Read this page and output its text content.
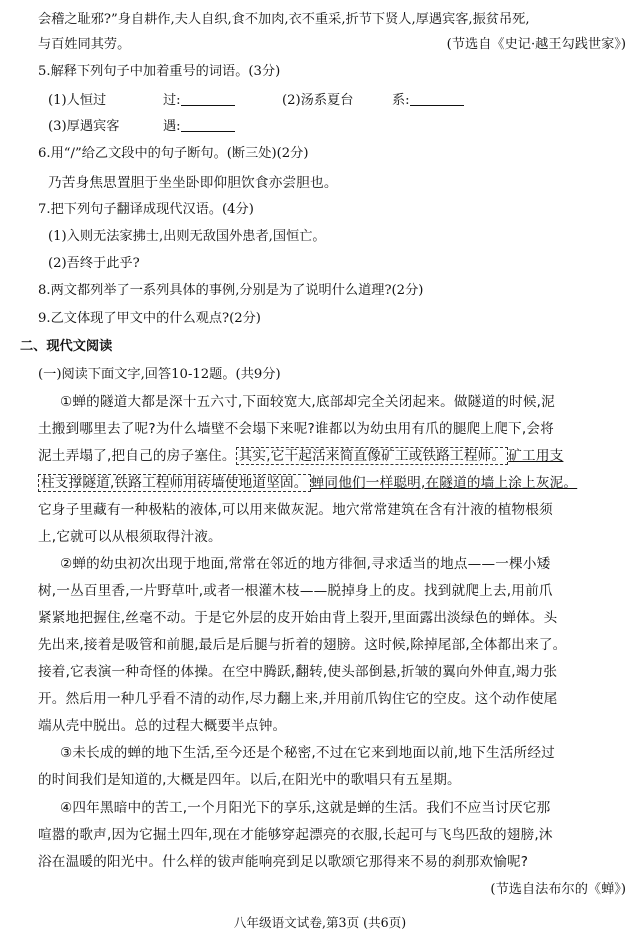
会稽之耻邪?”身自耕作,夫人自织,食不加肉,衣不重采,折节下贤人,厚遇宾客,振贫吊死,
与百姓同其劳。	(节选自《史记·越王勾践世家》)
5.解释下列句子中加着重号的词语。(3分)
(1)人恒过	过:	(2)汤系夏台	系:
(3)厚遇宾客	遇:
6.用“/”给乙文段中的句子断句。(断三处)(2分)
乃苦身焦思置胆于坐坐卧即仰胆饮食亦尝胆也。
7.把下列句子翻译成现代汉语。(4分)
(1)入则无法家拂士,出则无敌国外患者,国恒亡。
(2)吾终于此乎?
8.两文都列举了一系列具体的事例,分别是为了说明什么道理?(2分)
9.乙文体现了甲文中的什么观点?(2分)
二、现代文阅读
(一)阅读下面文字,回答10-12题。(共9分)
①蝉的隧道大都是深十五六寸,下面较宽大,底部却完全关闭起来。做隧道的时候,泥
土搬到哪里去了呢?为什么墙壁不会塌下来呢?谁都以为幼虫用有爪的腿爬上爬下,会将
泥土弄塌了,把自己的房子塞住。 其实,它干起活来简直像矿工或铁路工程师。 矿工用支
柱支撑隧道,铁路工程师用砖墙使地道坚固。 蝉同他们一样聪明,在隧道的墙上涂上灰泥。
它身子里藏有一种极粘的液体,可以用来做灰泥。地穴常常建筑在含有汁液的植物根须
上,它就可以从根须取得汁液。
②蝉的幼虫初次出现于地面,常常在邻近的地方徘徊,寻求适当的地点——一棵小矮
树,一丛百里香,一片野草叶,或者一根灌木枝——脱掉身上的皮。找到就爬上去,用前爪
紧紧地把握住,丝毫不动。于是它外层的皮开始由背上裂开,里面露出淡绿色的蝉体。头
先出来,接着是吸管和前腿,最后是后腿与折着的翅膀。这时候,除掉尾部,全体都出来了。
接着,它表演一种奇怪的体操。在空中腾跃,翻转,使头部倒悬,折皱的翼向外伸直,竭力张
开。然后用一种几乎看不清的动作,尽力翻上来,并用前爪钩住它的空皮。这个动作使尾
端从壳中脱出。总的过程大概要半点钟。
③未长成的蝉的地下生活,至今还是个秘密,不过在它来到地面以前,地下生活所经过
的时间我们是知道的,大概是四年。以后,在阳光中的歌唱只有五星期。
④四年黑暗中的苦工,一个月阳光下的享乐,这就是蝉的生活。我们不应当讨厌它那
喧嚣的歌声,因为它掘土四年,现在才能够穿起漂亮的衣服,长起可与飞鸟匹敌的翅膀,沐
浴在温暖的阳光中。什么样的钹声能响亮到足以歌颂它那得来不易的刹那欢愉呢?
(节选自法布尔的《蝉》)
八年级语文试卷,第3页 (共6页)
